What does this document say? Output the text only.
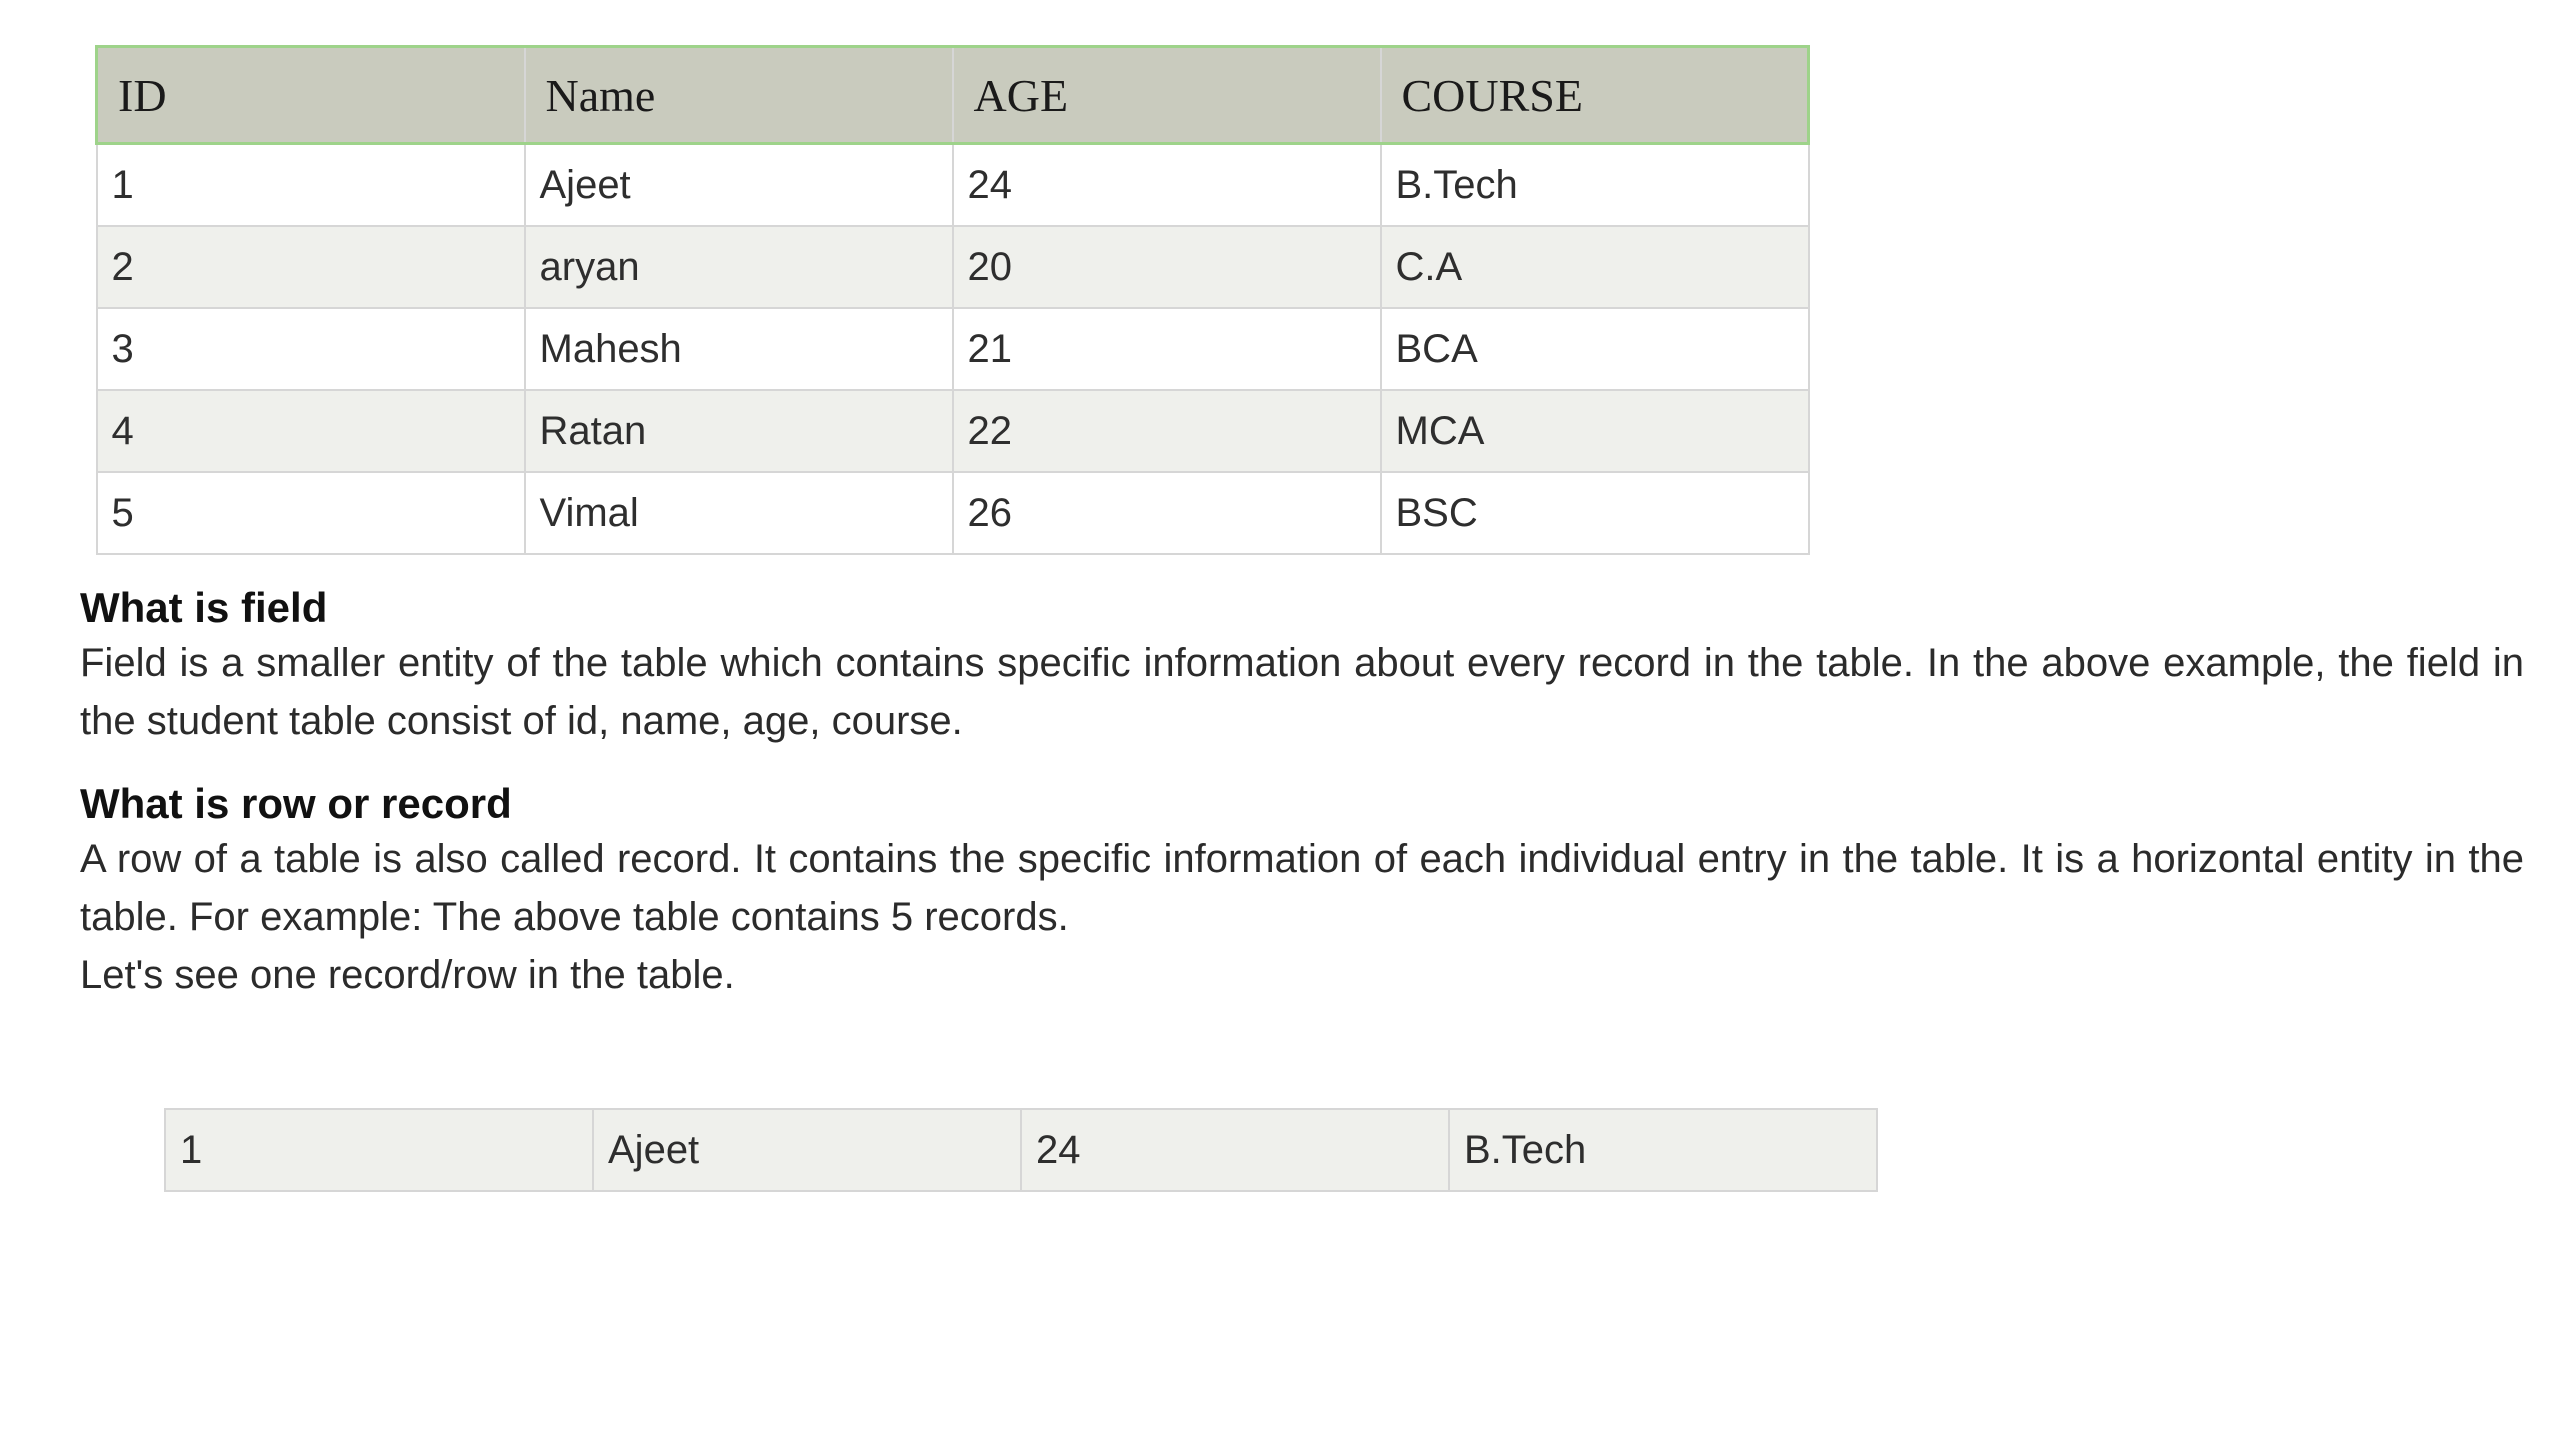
ID	Name	AGE	COURSE
1	Ajeet	24	B.Tech
2	aryan	20	C.A
3	Mahesh	21	BCA
4	Ratan	22	MCA
5	Vimal	26	BSC

What is field

Field is a smaller entity of the table which contains specific information about every record in the table. In the above example, the field in the student table consist of id, name, age, course.

What is row or record

A row of a table is also called record. It contains the specific information of each individual entry in the table. It is a horizontal entity in the table. For example: The above table contains 5 records.

Let's see one record/row in the table.

1	Ajeet	24	B.Tech
